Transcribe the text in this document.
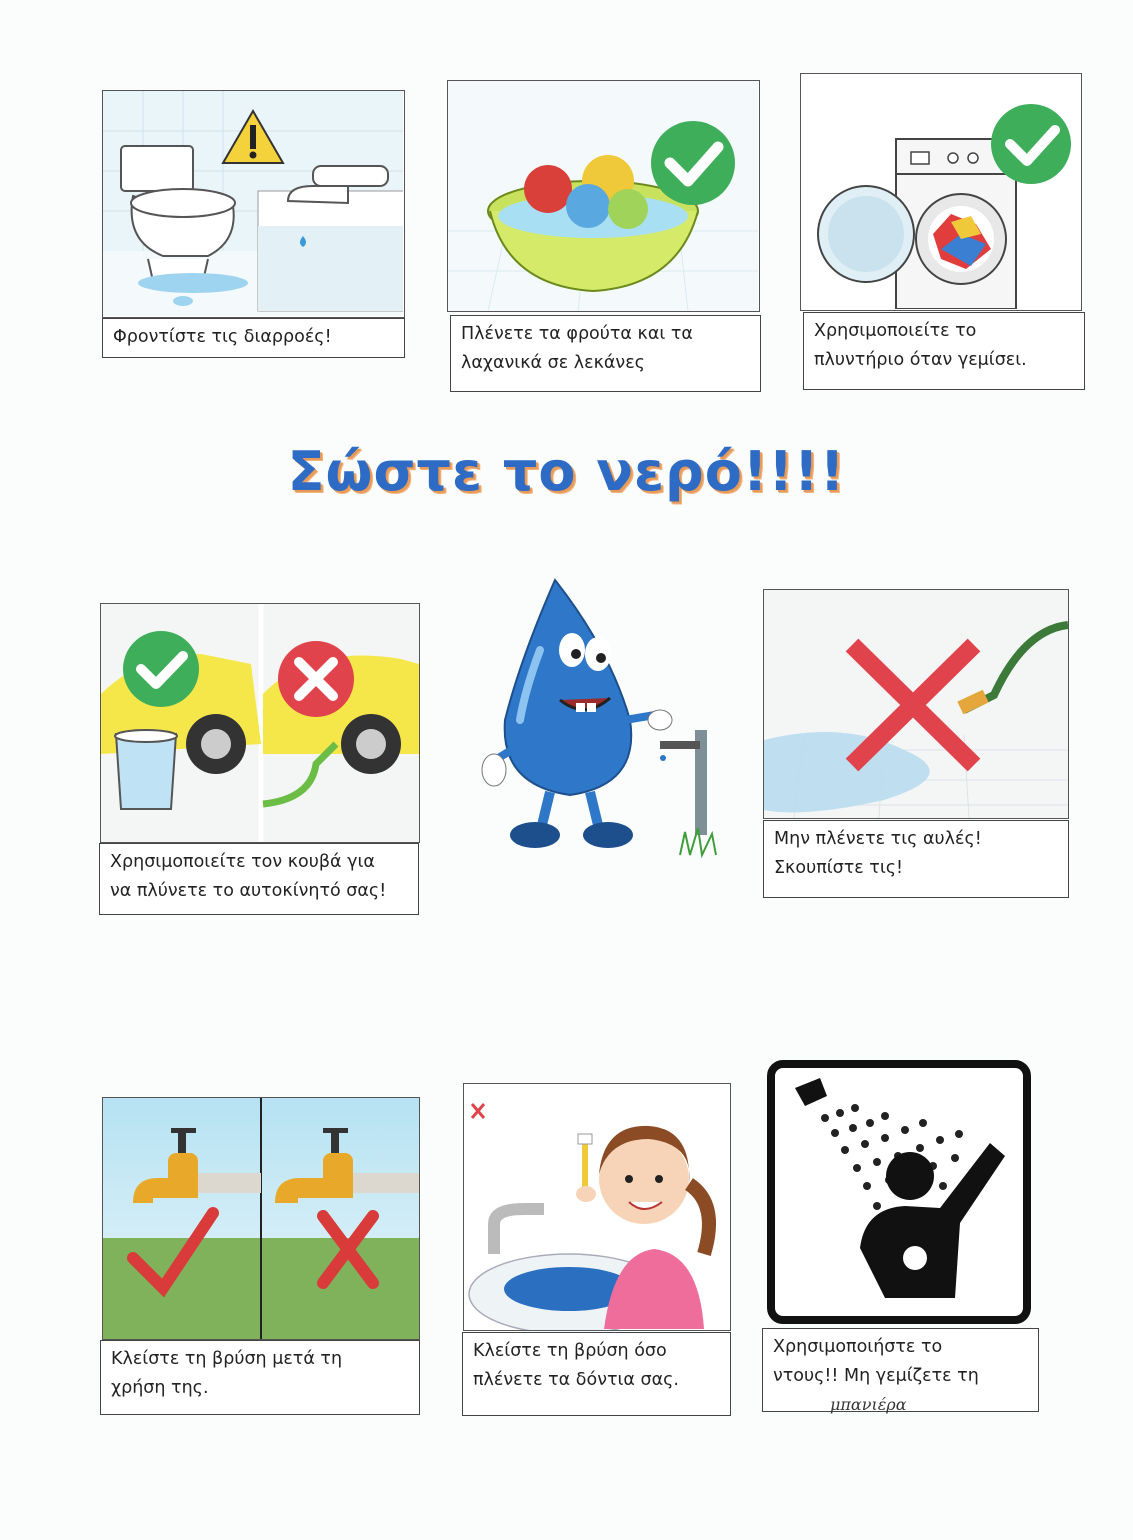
Σώστε το νερό!!!!
Φροντίστε τις διαρροές!	Πλένετε τα φρούτα και τα
λαχανικά σε λεκάνες
Χρησιμοποιείτε το
πλυντήριο όταν γεμίσει.
Χρησιμοποιείτε τον κουβά για
να πλύνετε το αυτοκίνητό σας!
Μην πλένετε τις αυλές!
Σκουπίστε τις!
Κλείστε τη βρύση μετά τη
χρήση της.
Κλείστε τη βρύση όσο
πλένετε τα δόντια σας.
Χρησιμοποιήστε το
ντους!! Μη γεμίζετε τη
μπανιέρα
